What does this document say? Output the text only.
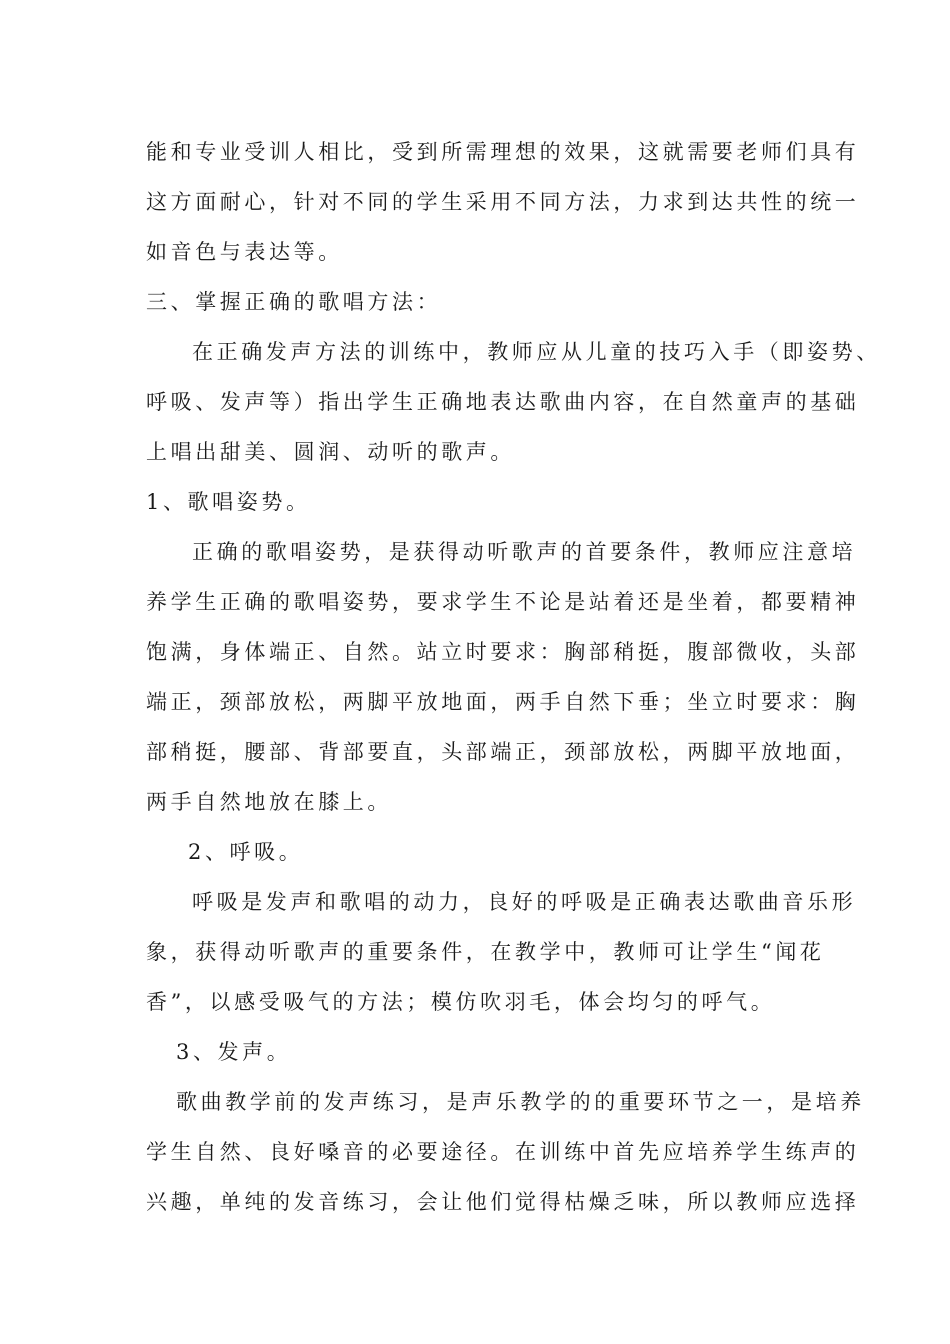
能和专业受训人相比，受到所需理想的效果，这就需要老师们具有
这方面耐心，针对不同的学生采用不同方法，力求到达共性的统一
如音色与表达等。
三、掌握正确的歌唱方法：
在正确发声方法的训练中，教师应从儿童的技巧入手（即姿势、
呼吸、发声等）指出学生正确地表达歌曲内容，在自然童声的基础
上唱出甜美、圆润、动听的歌声。
1、歌唱姿势。
正确的歌唱姿势，是获得动听歌声的首要条件，教师应注意培
养学生正确的歌唱姿势，要求学生不论是站着还是坐着，都要精神
饱满，身体端正、自然。站立时要求：胸部稍挺，腹部微收，头部
端正，颈部放松，两脚平放地面，两手自然下垂；坐立时要求：胸
部稍挺，腰部、背部要直，头部端正，颈部放松，两脚平放地面，
两手自然地放在膝上。
2、呼吸。
呼吸是发声和歌唱的动力，良好的呼吸是正确表达歌曲音乐形
象，获得动听歌声的重要条件，在教学中，教师可让学生“闻花
香”，以感受吸气的方法；模仿吹羽毛，体会均匀的呼气。
3、发声。
歌曲教学前的发声练习，是声乐教学的的重要环节之一，是培养
学生自然、良好嗓音的必要途径。在训练中首先应培养学生练声的
兴趣，单纯的发音练习，会让他们觉得枯燥乏味，所以教师应选择
